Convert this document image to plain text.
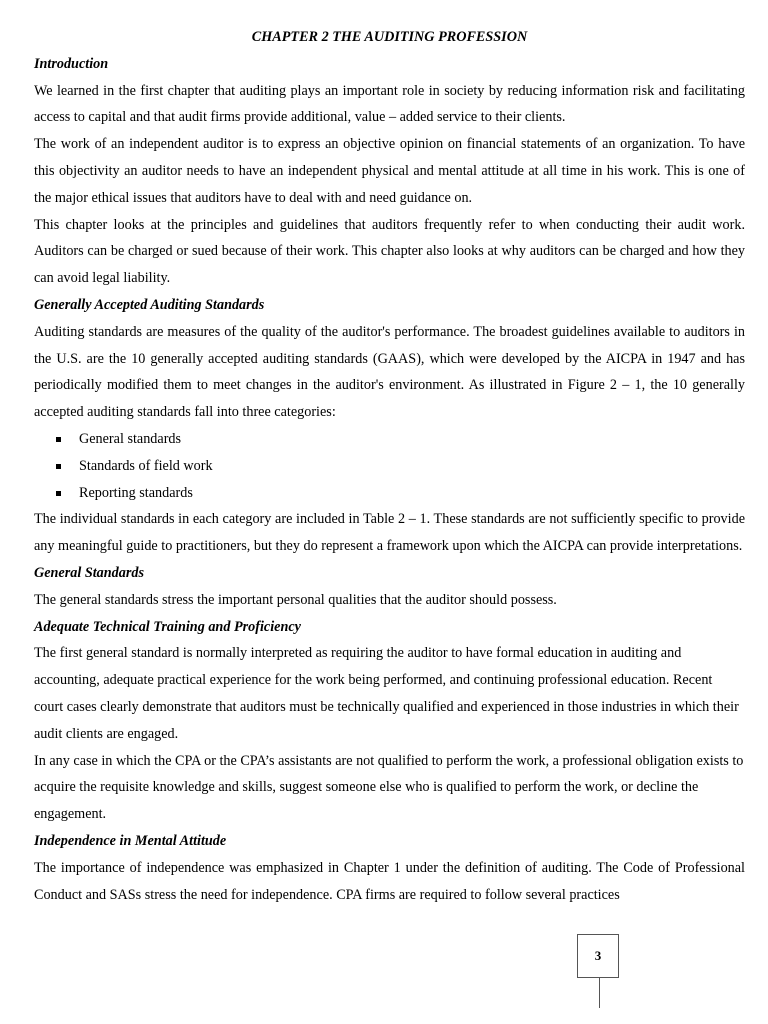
CHAPTER 2 THE AUDITING PROFESSION

Introduction

We learned in the first chapter that auditing plays an important role in society by reducing information risk and facilitating access to capital and that audit firms provide additional, value – added service to their clients.

The work of an independent auditor is to express an objective opinion on financial statements of an organization. To have this objectivity an auditor needs to have an independent physical and mental attitude at all time in his work. This is one of the major ethical issues that auditors have to deal with and need guidance on.

This chapter looks at the principles and guidelines that auditors frequently refer to when conducting their audit work. Auditors can be charged or sued because of their work. This chapter also looks at why auditors can be charged and how they can avoid legal liability.

Generally Accepted Auditing Standards

Auditing standards are measures of the quality of the auditor's performance. The broadest guidelines available to auditors in the U.S. are the 10 generally accepted auditing standards (GAAS), which were developed by the AICPA in 1947 and has periodically modified them to meet changes in the auditor's environment. As illustrated in Figure 2 – 1, the 10 generally accepted auditing standards fall into three categories:

General standards
Standards of field work
Reporting standards

The individual standards in each category are included in Table 2 – 1. These standards are not sufficiently specific to provide any meaningful guide to practitioners, but they do represent a framework upon which the AICPA can provide interpretations.

General Standards

The general standards stress the important personal qualities that the auditor should possess.

Adequate Technical Training and Proficiency

The first general standard is normally interpreted as requiring the auditor to have formal education in auditing and accounting, adequate practical experience for the work being performed, and continuing professional education. Recent court cases clearly demonstrate that auditors must be technically qualified and experienced in those industries in which their audit clients are engaged.

In any case in which the CPA or the CPA’s assistants are not qualified to perform the work, a professional obligation exists to acquire the requisite knowledge and skills, suggest someone else who is qualified to perform the work, or decline the engagement.

Independence in Mental Attitude

The importance of independence was emphasized in Chapter 1 under the definition of auditing. The Code of Professional Conduct and SASs stress the need for independence. CPA firms are required to follow several practices

3
